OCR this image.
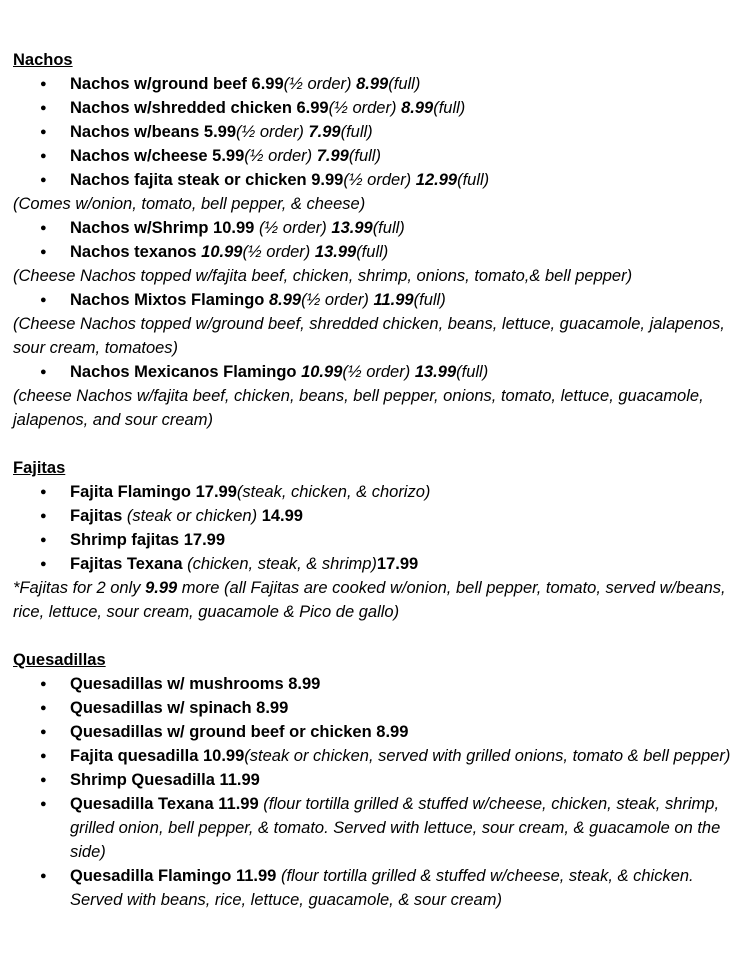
Nachos
● Nachos w/ground beef 6.99(½ order) 8.99(full)
● Nachos w/shredded chicken 6.99(½ order) 8.99(full)
● Nachos w/beans 5.99(½ order) 7.99(full)
● Nachos w/cheese 5.99(½ order) 7.99(full)
● Nachos fajita steak or chicken 9.99(½ order) 12.99(full)

(Comes w/onion, tomato, bell pepper, & cheese)

● Nachos w/Shrimp 10.99 (½ order) 13.99(full)
● Nachos texanos 10.99(½ order) 13.99(full)

(Cheese Nachos topped w/fajita beef, chicken, shrimp, onions, tomato,& bell pepper)

● Nachos Mixtos Flamingo 8.99(½ order) 11.99(full)

(Cheese Nachos topped w/ground beef, shredded chicken, beans, lettuce, guacamole, jalapenos, sour cream, tomatoes)

● Nachos Mexicanos Flamingo 10.99(½ order) 13.99(full)

(cheese Nachos w/fajita beef, chicken, beans, bell pepper, onions, tomato, lettuce, guacamole, jalapenos, and sour cream)

Fajitas
● Fajita Flamingo 17.99(steak, chicken, & chorizo)
● Fajitas (steak or chicken) 14.99
● Shrimp fajitas 17.99
● Fajitas Texana (chicken, steak, & shrimp)17.99

*Fajitas for 2 only 9.99 more (all Fajitas are cooked w/onion, bell pepper, tomato, served w/beans, rice, lettuce, sour cream, guacamole & Pico de gallo)

Quesadillas
● Quesadillas w/ mushrooms 8.99
● Quesadillas w/ spinach 8.99
● Quesadillas w/ ground beef or chicken 8.99
● Fajita quesadilla 10.99(steak or chicken, served with grilled onions, tomato & bell pepper)
● Shrimp Quesadilla 11.99
● Quesadilla Texana 11.99 (flour tortilla grilled & stuffed w/cheese, chicken, steak, shrimp, grilled onion, bell pepper, & tomato. Served with lettuce, sour cream, & guacamole on the side)
● Quesadilla Flamingo 11.99 (flour tortilla grilled & stuffed w/cheese, steak, & chicken. Served with beans, rice, lettuce, guacamole, & sour cream)
